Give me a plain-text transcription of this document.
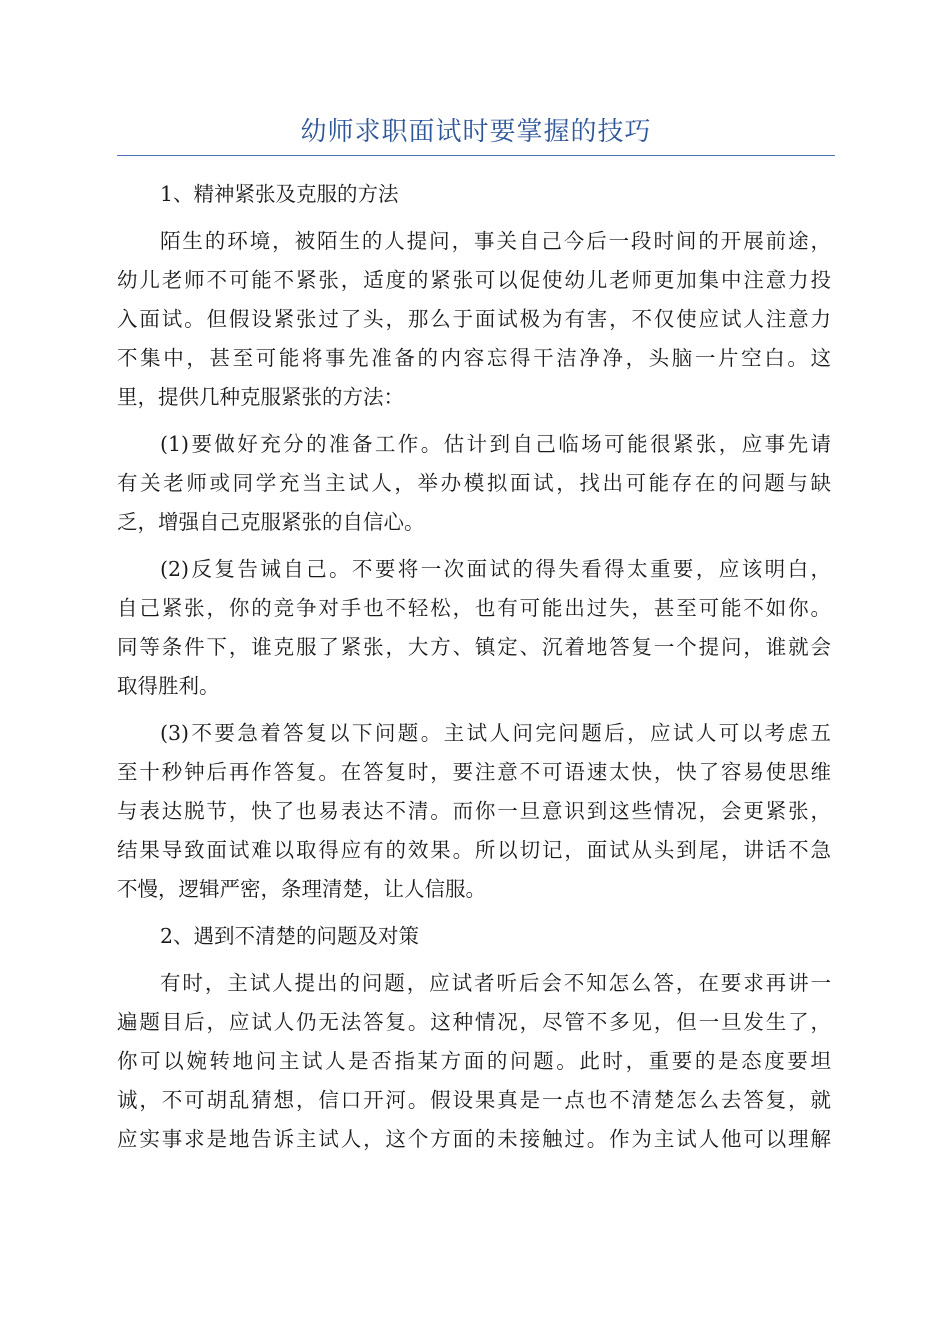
幼师求职面试时要掌握的技巧
1、精神紧张及克服的方法
陌生的环境，被陌生的人提问，事关自己今后一段时间的开展前途，
幼儿老师不可能不紧张，适度的紧张可以促使幼儿老师更加集中注意力投
入面试。但假设紧张过了头，那么于面试极为有害，不仅使应试人注意力
不集中，甚至可能将事先准备的内容忘得干洁净净，头脑一片空白。这
里，提供几种克服紧张的方法：
(1)要做好充分的准备工作。估计到自己临场可能很紧张，应事先请
有关老师或同学充当主试人，举办模拟面试，找出可能存在的问题与缺
乏，增强自己克服紧张的自信心。
(2)反复告诫自己。不要将一次面试的得失看得太重要，应该明白，
自己紧张，你的竞争对手也不轻松，也有可能出过失，甚至可能不如你。
同等条件下，谁克服了紧张，大方、镇定、沉着地答复一个提问，谁就会
取得胜利。
(3)不要急着答复以下问题。主试人问完问题后，应试人可以考虑五
至十秒钟后再作答复。在答复时，要注意不可语速太快，快了容易使思维
与表达脱节，快了也易表达不清。而你一旦意识到这些情况，会更紧张，
结果导致面试难以取得应有的效果。所以切记，面试从头到尾，讲话不急
不慢，逻辑严密，条理清楚，让人信服。
2、遇到不清楚的问题及对策
有时，主试人提出的问题，应试者听后会不知怎么答，在要求再讲一
遍题目后，应试人仍无法答复。这种情况，尽管不多见，但一旦发生了，
你可以婉转地问主试人是否指某方面的问题。此时，重要的是态度要坦
诚，不可胡乱猜想，信口开河。假设果真是一点也不清楚怎么去答复，就
应实事求是地告诉主试人，这个方面的未接触过。作为主试人他可以理解
